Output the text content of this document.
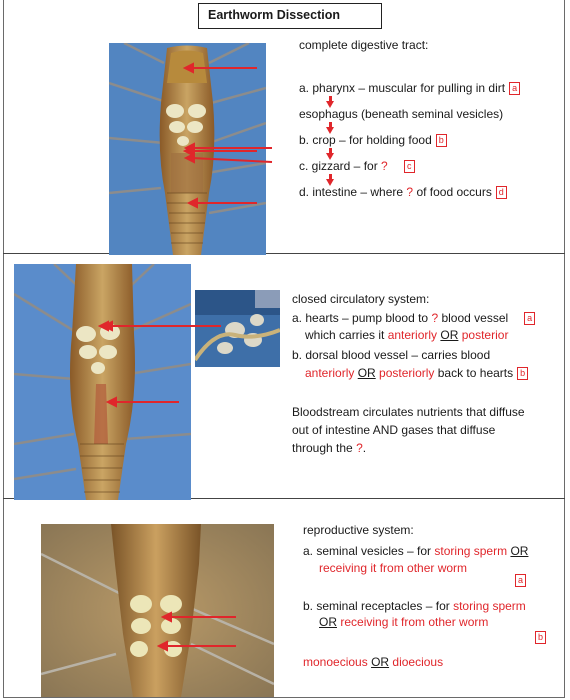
Earthworm Dissection
complete digestive tract:
a. pharynx – muscular for pulling in dirt a
esophagus (beneath seminal vesicles)
b. crop – for holding food b
c. gizzard – for ? c
d. intestine – where ? of food occurs d
closed circulatory system:
a. hearts – pump blood to ? blood vessel a
which carries it anteriorly OR posterior
b. dorsal blood vessel – carries blood
anteriorly OR posteriorly back to hearts b
Bloodstream circulates nutrients that diffuse
out of intestine AND gases that diffuse
through the ?.
reproductive system:
a. seminal vesicles – for storing sperm OR
receiving it from other worm
a
b. seminal receptacles – for storing sperm
OR receiving it from other worm
b
monoecious OR dioecious
